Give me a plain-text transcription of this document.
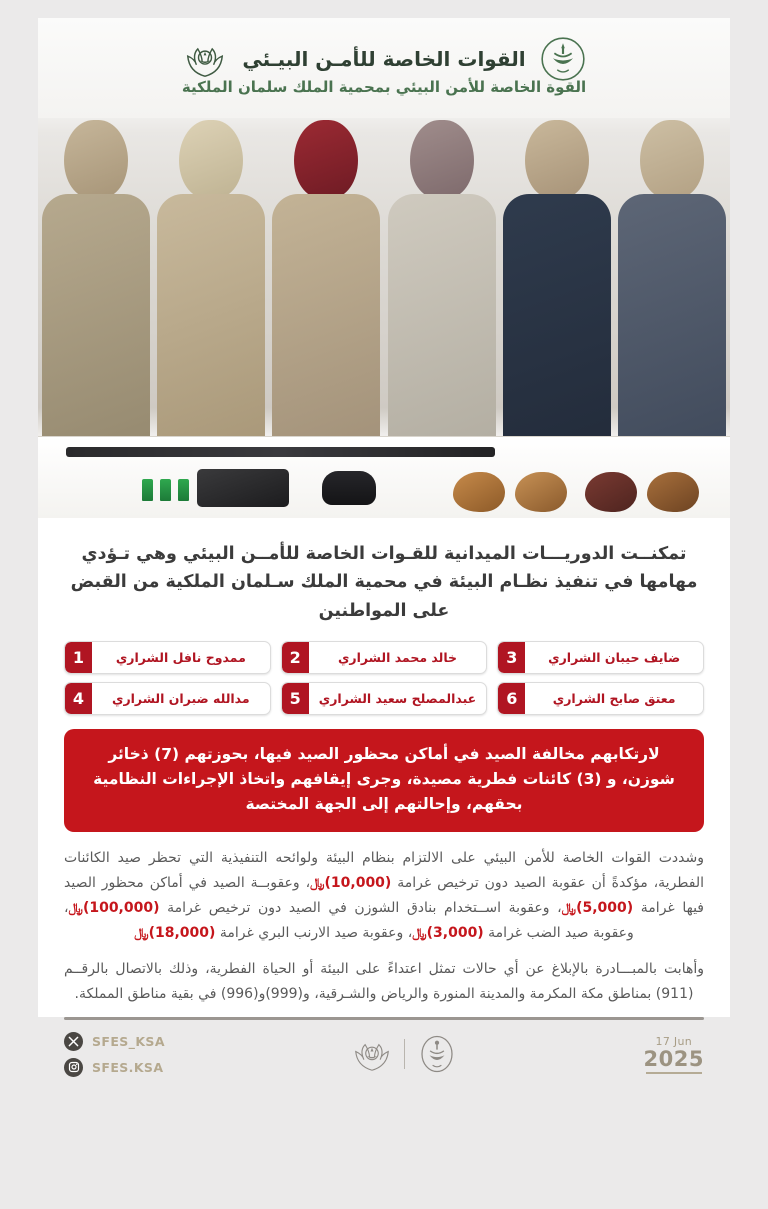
القوات الخاصة للأمـن البيـئي
القوة الخاصة للأمن البيئي بمحمية الملك سلمان الملكية
تمكنــت الدوريـــات الميدانية للقـوات الخاصة للأمــن البيئي وهي تـؤدي مهامها في تنفيذ نظـام البيئة في محمية الملك سـلمان الملكية من القبض على المواطنين
ضايف حيبان الشراري
3
خالد محمد الشراري
2
ممدوح نافل الشراري
1
معتق صابح الشراري
6
عبدالمصلح سعيد الشراري
5
مدالله ضبران الشراري
4
لارتكابهم مخالفة الصيد في أماكن محظور الصيد فيها، بحوزتهم (7) ذخائر شوزن، و (3) كائنات فطرية مصيدة، وجرى إيقافهم واتخاذ الإجراءات النظامية بحقهم، وإحالتهم إلى الجهة المختصة

وشددت القوات الخاصة للأمن البيئي على الالتزام بنظام البيئة ولوائحه التنفيذية التي تحظر صيد الكائنات الفطرية، مؤكدةً أن عقوبة الصيد دون ترخيص غرامة (10,000)﷼، وعقوبــة الصيد في أماكن محظور الصيد فيها غرامة (5,000)﷼، وعقوبة اســتخدام بنادق الشوزن في الصيد دون ترخيص غرامة (100,000)﷼، وعقوبة صيد الضب غرامة (3,000)﷼، وعقوبة صيد الارنب البري غرامة (18,000)﷼

وأهابت بالمبـــادرة بالإبلاغ عن أي حالات تمثل اعتداءً على البيئة أو الحياة الفطرية، وذلك بالاتصال بالرقــم (911) بمناطق مكة المكرمة والمدينة المنورة والرياض والشـرقية، و(999)و(996) في بقية مناطق المملكة.

SFES_KSA
SFES.KSA
17 Jun
2025
